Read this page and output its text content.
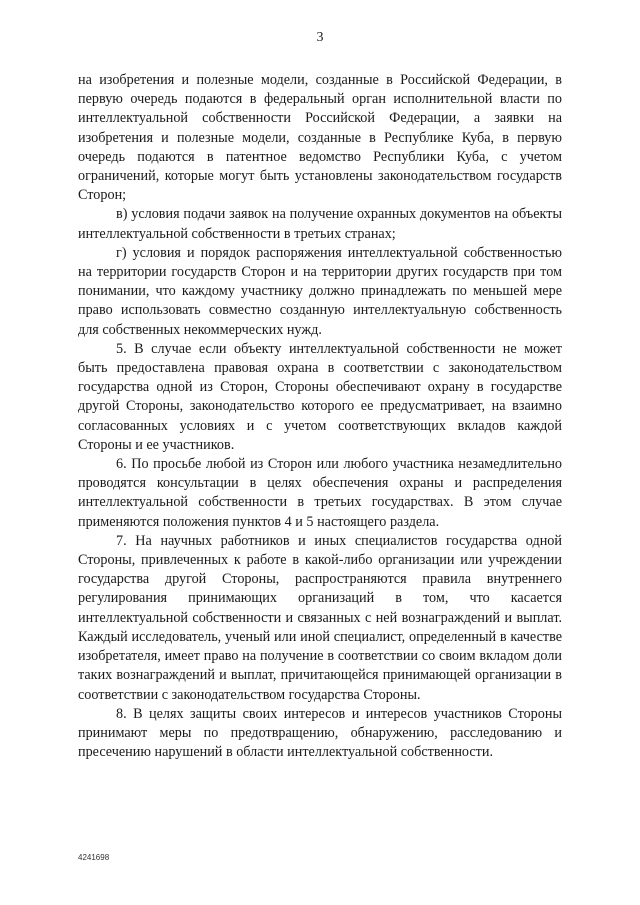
3

на изобретения и полезные модели, созданные в Российской Федерации, в первую очередь подаются в федеральный орган исполнительной власти по интеллектуальной собственности Российской Федерации, а заявки на изобретения и полезные модели, созданные в Республике Куба, в первую очередь подаются в патентное ведомство Республики Куба, с учетом ограничений, которые могут быть установлены законодательством государств Сторон;

в) условия подачи заявок на получение охранных документов на объекты интеллектуальной собственности в третьих странах;

г) условия и порядок распоряжения интеллектуальной собственностью на территории государств Сторон и на территории других государств при том понимании, что каждому участнику должно принадлежать по меньшей мере право использовать совместно созданную интеллектуальную собственность для собственных некоммерческих нужд.

5. В случае если объекту интеллектуальной собственности не может быть предоставлена правовая охрана в соответствии с законодательством государства одной из Сторон, Стороны обеспечивают охрану в государстве другой Стороны, законодательство которого ее предусматривает, на взаимно согласованных условиях и с учетом соответствующих вкладов каждой Стороны и ее участников.

6. По просьбе любой из Сторон или любого участника незамедлительно проводятся консультации в целях обеспечения охраны и распределения интеллектуальной собственности в третьих государствах. В этом случае применяются положения пунктов 4 и 5 настоящего раздела.

7. На научных работников и иных специалистов государства одной Стороны, привлеченных к работе в какой-либо организации или учреждении государства другой Стороны, распространяются правила внутреннего регулирования принимающих организаций в том, что касается интеллектуальной собственности и связанных с ней вознаграждений и выплат. Каждый исследователь, ученый или иной специалист, определенный в качестве изобретателя, имеет право на получение в соответствии со своим вкладом доли таких вознаграждений и выплат, причитающейся принимающей организации в соответствии с законодательством государства Стороны.

8. В целях защиты своих интересов и интересов участников Стороны принимают меры по предотвращению, обнаружению, расследованию и пресечению нарушений в области интеллектуальной собственности.

4241698
